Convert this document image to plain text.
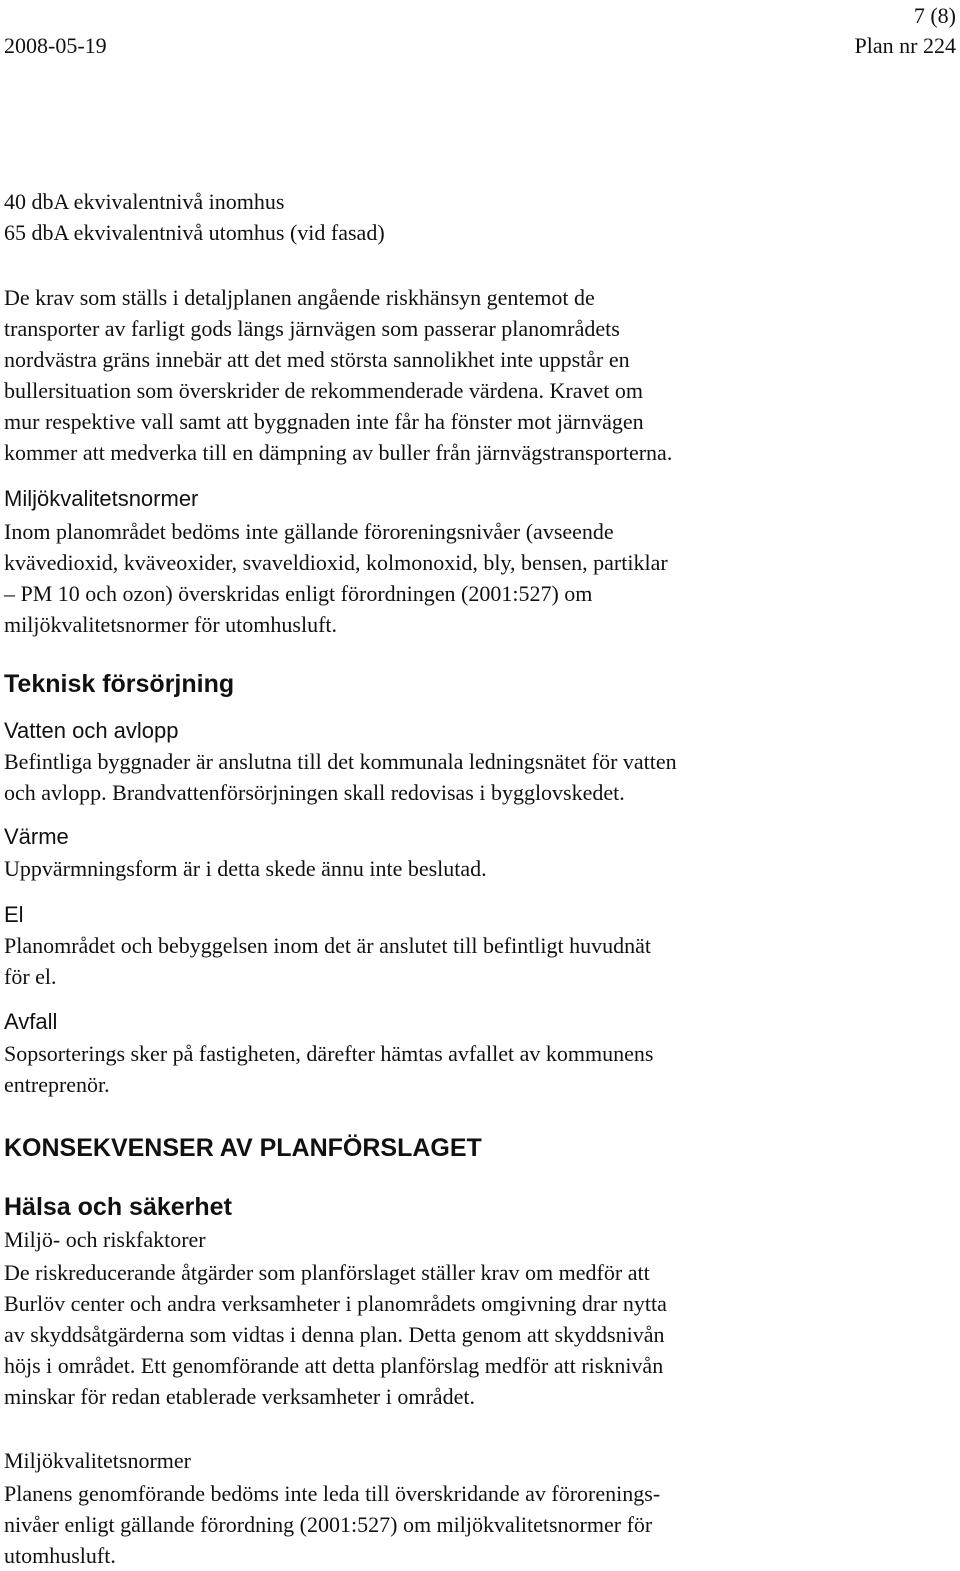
7 (8)
2008-05-19	Plan nr 224
40 dbA ekvivalentnivå inomhus
65 dbA ekvivalentnivå utomhus (vid fasad)
De krav som ställs i detaljplanen angående riskhänsyn gentemot de
transporter av farligt gods längs järnvägen som passerar planområdets
nordvästra gräns innebär att det med största sannolikhet inte uppstår en
bullersituation som överskrider de rekommenderade värdena. Kravet om
mur respektive vall samt att byggnaden inte får ha fönster mot järnvägen
kommer att medverka till en dämpning av buller från järnvägstransporterna.
Miljökvalitetsnormer
Inom planområdet bedöms inte gällande föroreningsnivåer (avseende
kvävedioxid, kväveoxider, svaveldioxid, kolmonoxid, bly, bensen, partiklar
– PM 10 och ozon) överskridas enligt förordningen (2001:527) om
miljökvalitetsnormer för utomhusluft.
Teknisk försörjning
Vatten och avlopp
Befintliga byggnader är anslutna till det kommunala ledningsnätet för vatten
och avlopp. Brandvattenförsörjningen skall redovisas i bygglovskedet.
Värme
Uppvärmningsform är i detta skede ännu inte beslutad.
El
Planområdet och bebyggelsen inom det är anslutet till befintligt huvudnät
för el.
Avfall
Sopsorterings sker på fastigheten, därefter hämtas avfallet av kommunens
entreprenör.
KONSEKVENSER AV PLANFÖRSLAGET
Hälsa och säkerhet
Miljö- och riskfaktorer
De riskreducerande åtgärder som planförslaget ställer krav om medför att
Burlöv center och andra verksamheter i planområdets omgivning drar nytta
av skyddsåtgärderna som vidtas i denna plan. Detta genom att skyddsnivån
höjs i området. Ett genomförande att detta planförslag medför att risknivån
minskar för redan etablerade verksamheter i området.
Miljökvalitetsnormer
Planens genomförande bedöms inte leda till överskridande av förorenings-
nivåer enligt gällande förordning (2001:527) om miljökvalitetsnormer för
utomhusluft.
